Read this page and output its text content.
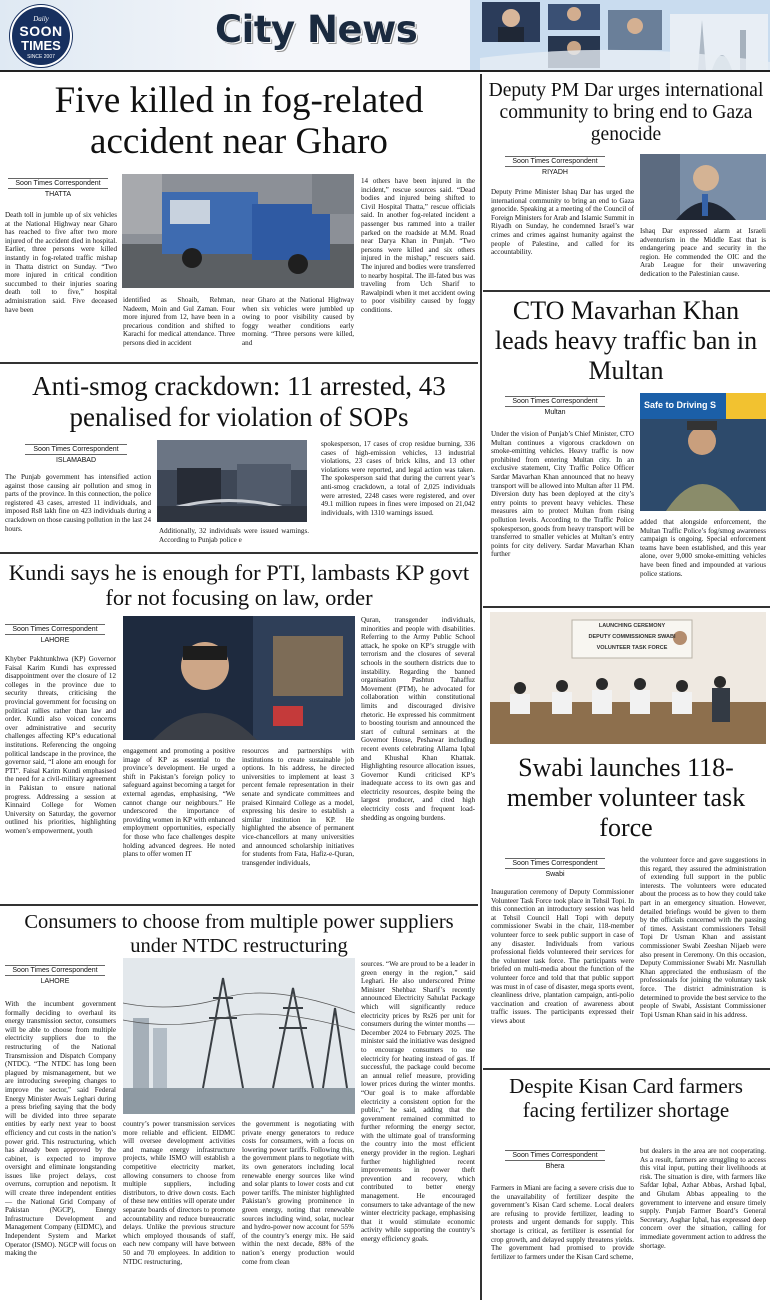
Daily
SOON
TIMES
SINCE 2007
City News
Five killed in fog-related accident near Gharo
Soon Times Correspondent
THATTA
Death toll in jumble up of six vehicles at the National Highway near Gharo has reached to five after two more injured of the accident died in hospital. Earlier, three persons were killed instantly in fog-related traffic mishap in Thatta district on Sunday. “Two more injured in critical condition succumbed to their injuries soaring death toll to five,” hospital administration said. Five deceased have been
identified as Shoaib, Rehman, Nadeem, Moin and Gul Zaman. Four more injured from 12, have been in a precarious condition and shifted to Karachi for medical attendance. Three persons died in accident
near Gharo at the National Highway when six vehicles were jumbled up owing to poor visibility caused by foggy weather conditions early morning. “Three persons were killed, and
14 others have been injured in the incident,” rescue sources said. “Dead bodies and injured being shifted to Civil Hospital Thatta,” rescue officials said. In another fog-related incident a passenger bus rammed into a trailer parked on the roadside at M.M. Road near Darya Khan in Punjab. “Two persons were killed and six others injured in the mishap,” rescuers said. The injured and bodies were transferred to nearby hospital. The ill-fated bus was traveling from Uch Sharif to Rawalpindi when it met accident owing to poor visibility caused by foggy conditions.
Anti-smog crackdown: 11 arrested, 43 penalised for violation of SOPs
Soon Times Correspondent
ISLAMABAD
The Punjab government has intensified action against those causing air pollution and smog in parts of the province. In this connection, the police registered 43 cases, arrested 11 individuals, and imposed Rs8 lakh fine on 423 individuals during a crackdown on those causing pollution in the last 24 hours.	Additionally, 32 individuals were issued warnings. According to Punjab police e
spokesperson, 17 cases of crop residue burning, 336 cases of high-emission vehicles, 13 industrial violations, 23 cases of brick kilns, and 13 other violations were reported, and legal action was taken. The spokesperson said that during the current year’s anti-smog crackdown, a total of 2,025 individuals were arrested, 2248 cases were registered, and over 49.1 million rupees in fines were imposed on 21,042 individuals, with 1310 warnings issued.
Kundi says he is enough for PTI, lambasts KP govt for not focusing on law, order
Soon Times Correspondent
LAHORE
Khyber Pakhtunkhwa (KP) Governor Faisal Karim Kundi has expressed disappointment over the closure of 12 colleges in the province due to security threats, criticising the provincial government for focusing on political rallies rather than law and order. Kundi also voiced concerns over administrative and security challenges affecting KP’s educational institutions. Referencing the ongoing political landscape in the province, the governor said, “I alone am enough for PTI”. Faisal Karim Kundi emphasised the need for a civil-military agreement in Pakistan to ensure national progress. Addressing a session at Kinnaird College for Women University on Saturday, the governor outlined his priorities, highlighting women’s empowerment, youth
engagement and promoting a positive image of KP as essential to the province’s development. He urged a shift in Pakistan’s foreign policy to safeguard against becoming a target for external agendas, emphasising, “We cannot change our neighbours.” He underscored the importance of providing women in KP with enhanced employment opportunities, especially for those who face challenges despite holding advanced degrees. He noted plans to offer women IT
resources and partnerships with institutions to create sustainable job options. In his address, he directed universities to implement at least 3 percent female representation in their senate and syndicate committees and praised Kinnaird College as a model, expressing his desire to establish a similar institution in KP. He highlighted the absence of permanent vice-chancellors at many universities and announced scholarship initiatives for students from Fata, Hafiz-e-Quran, transgender individuals,
Quran, transgender individuals, minorities and people with disabilities. Referring to the Army Public School attack, he spoke on KP’s struggle with terrorism and the closures of several schools in the southern districts due to instability. Regarding the banned organisation Pashtun Tahaffuz Movement (PTM), he advocated for collaboration within constitutional limits and discouraged divisive rhetoric. He expressed his commitment to boosting tourism and announced the start of cultural seminars at the Governor House, Peshawar including recent events celebrating Allama Iqbal and Khushal Khan Khattak. Highlighting resource allocation issues, Governor Kundi criticised KP’s inadequate access to its own gas and electricity resources, despite being the largest producer, and cited high electricity costs and frequent load-shedding as ongoing burdens.
Consumers to choose from multiple power suppliers under NTDC restructuring
Soon Times Correspondent
LAHORE
With the incumbent government formally deciding to overhaul its energy transmission sector, consumers will be able to choose from multiple electricity suppliers due to the restructuring of the National Transmission and Dispatch Company (NTDC). “The NTDC has long been plagued by mismanagement, but we are introducing sweeping changes to improve the sector,” said Federal Energy Minister Awais Leghari during a press briefing saying that the body will be divided into three separate entities by early next year to boost efficiency and cut costs in the nation’s power grid. This restructuring, which has already been approved by the cabinet, is expected to improve oversight and eliminate longstanding issues like project delays, cost overruns, corruption and nepotism. It will create three independent entities — the National Grid Company of Pakistan (NGCP), Energy Infrastructure Development and Management Company (EIDMC), and Independent System and Market Operator (ISMO). NGCP will focus on making the
country’s power transmission services more reliable and efficient. EIDMC will oversee development activities and manage energy infrastructure projects, while ISMO will establish a competitive electricity market, allowing consumers to choose from multiple suppliers, including distributors, to drive down costs. Each of these new entities will operate under separate boards of directors to promote accountability and reduce bureaucratic delays. Unlike the previous structure which employed thousands of staff, each new company will have between 50 and 70 employees. In addition to NTDC restructuring,
the government is negotiating with private energy generators to reduce costs for consumers, with a focus on lowering power tariffs. Following this, the government plans to negotiate with its own generators including local renewable energy sources like wind and solar plants to lower costs and cut power tariffs. The minister highlighted Pakistan’s growing prominence in green energy, noting that renewable sources including wind, solar, nuclear and hydro-power now account for 55% of the country’s energy mix. He said within the next decade, 88% of the nation’s energy production would come from clean
sources. “We are proud to be a leader in green energy in the region,” said Leghari. He also underscored Prime Minister Shehbaz Sharif’s recently announced Electricity Sahulat Package which will significantly reduce electricity prices by Rs26 per unit for consumers during the winter months — December 2024 to February 2025. The minister said the initiative was designed to encourage consumers to use electricity for heating instead of gas. If successful, the package could become an annual relief measure, providing lower prices during the winter months. “Our goal is to make affordable electricity a consistent option for the public,” he said, adding that the government remained committed to further reforming the energy sector, with the ultimate goal of transforming the country into the most efficient energy provider in the region. Leghari further highlighted recent improvements in power theft prevention and recovery, which contributed to better energy management. He encouraged consumers to take advantage of the new winter electricity package, emphasising that it would stimulate economic activity while supporting the country’s energy efficiency goals.
Deputy PM Dar urges international community to bring end to Gaza genocide
Soon Times Correspondent
RIYADH
Deputy Prime Minister Ishaq Dar has urged the international community to bring an end to Gaza genocide. Speaking at a meeting of the Council of Foreign Ministers for Arab and Islamic Summit in Riyadh on Sunday, he condemned Israel’s war crimes and crimes against humanity against the people of Palestine, and called for its accountability.
Ishaq Dar expressed alarm at Israeli adventurism in the Middle East that is endangering peace and security in the region. He commended the OIC and the Arab League for their unwavering dedication to the Palestinian cause.
CTO Mavarhan Khan leads heavy traffic ban in Multan
Soon Times Correspondent
Multan
Safe to Driving S
Under the vision of Punjab’s Chief Minister, CTO Multan continues a vigorous crackdown on smoke-emitting vehicles. Heavy traffic is now prohibited from entering Multan city. In an exclusive statement, City Traffic Police Officer Sardar Mavarhan Khan announced that no heavy transport will be allowed into Multan after 11 PM. Diversion duty has been deployed at the city’s entry points to prevent heavy vehicles. These measures aim to protect Multan from rising pollution levels. According to the Traffic Police spokesperson, goods from heavy transport will be transferred to smaller vehicles at Multan’s entry points for city delivery. Sardar Mavarhan Khan further
added that alongside enforcement, the Multan Traffic Police’s fog/smog awareness campaign is ongoing. Special enforcement teams have been established, and this year alone, over 9,000 smoke-emitting vehicles have been fined and impounded at various police stations.
LAUNCHING CEREMONY
DEPUTY COMMISSIONER SWABI
VOLUNTEER TASK FORCE
Swabi launches 118-member volunteer task force
Soon Times Correspondent
Swabi
Inauguration ceremony of Deputy Commissioner Volunteer Task Force took place in Tehsil Topi. In this connection an introductory session was held at Tehsil Council Hall Topi with deputy commissioner Swabi in the chair, 118-member volunteer force to seek public support in case of any disaster. Individuals from various professional fields volunteered their services for the volunteer task force. The participants were briefed on multi-media about the function of the volunteer force and told that that public support was must in of case of disaster, mega sports event, cleanliness drive, plantation campaign, anti-polio vaccination and creation of awareness about traffic issues. The participants expressed their views about
the volunteer force and gave suggestions in this regard, they assured the administration of extending full support in the public interests. The volunteers were educated about the process as to how they could take part in an emergency situation. However, detailed briefings would be given to them by the officials concerned with the passing of times. Assistant commissioners Tehsil Topi Dr Usman Khan and assistant commissioner Swabi Zeeshan Nijaeb were also present in Ceremony. On this occasion, Deputy Commissioner Swabi Mr. Nasrullah Khan appreciated the enthusiasm of the professionals for joining the voluntary task force. The district administration is determined to provide the best service to the people of Swabi, Assistant Commissioner Topi Usman Khan said in his address.
Despite Kisan Card farmers facing fertilizer shortage
Soon Times Correspondent
Bhera
Farmers in Miani are facing a severe crisis due to the unavailability of fertilizer despite the government’s Kisan Card scheme. Local dealers are refusing to provide fertilizer, leading to protests and urgent demands for supply. This shortage is critical, as fertilizer is essential for crop growth, and delayed supply threatens yields. The government had promised to provide fertilizer to farmers under the Kisan Card scheme,
but dealers in the area are not cooperating. As a result, farmers are struggling to access this vital input, putting their livelihoods at risk. The situation is dire, with farmers like Safdar Iqbal, Azhar Abbas, Arshad Iqbal, and Ghulam Abbas appealing to the government to intervene and ensure timely supply. Punjab Farmer Board’s General Secretary, Asghar Iqbal, has expressed deep concern over the situation, calling for immediate government action to address the shortage.
